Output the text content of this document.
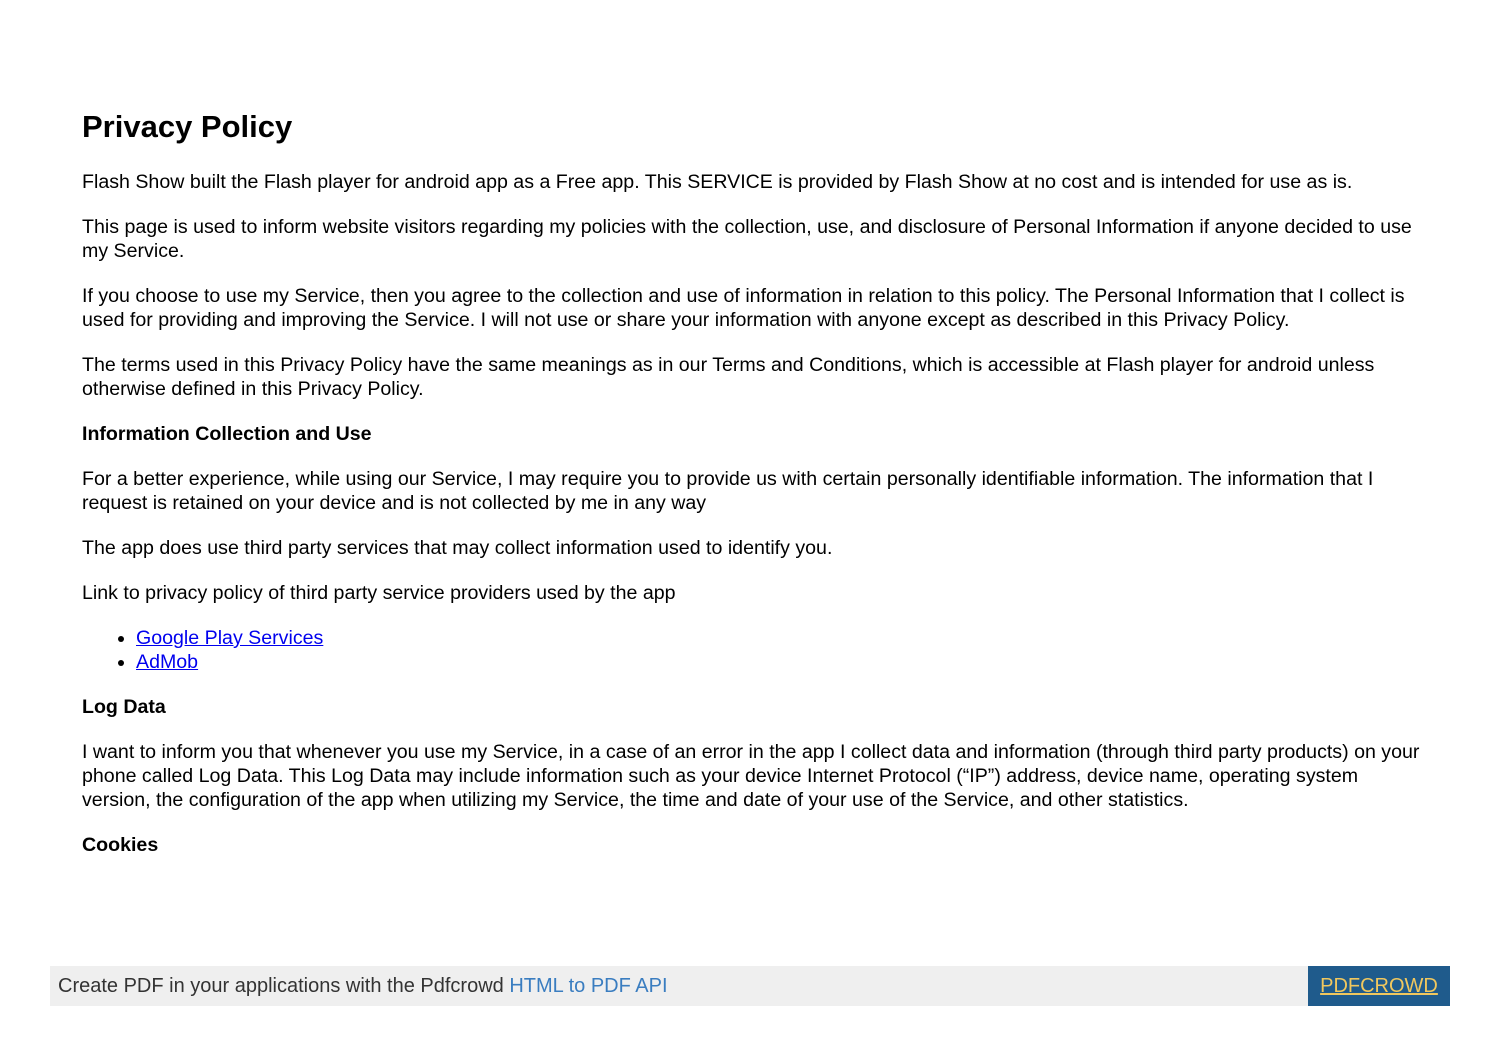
Privacy Policy

Flash Show built the Flash player for android app as a Free app. This SERVICE is provided by Flash Show at no cost and is intended for use as is.

This page is used to inform website visitors regarding my policies with the collection, use, and disclosure of Personal Information if anyone decided to use my Service.

If you choose to use my Service, then you agree to the collection and use of information in relation to this policy. The Personal Information that I collect is used for providing and improving the Service. I will not use or share your information with anyone except as described in this Privacy Policy.

The terms used in this Privacy Policy have the same meanings as in our Terms and Conditions, which is accessible at Flash player for android unless otherwise defined in this Privacy Policy.

Information Collection and Use

For a better experience, while using our Service, I may require you to provide us with certain personally identifiable information. The information that I request is retained on your device and is not collected by me in any way

The app does use third party services that may collect information used to identify you.

Link to privacy policy of third party service providers used by the app

• Google Play Services
• AdMob
Log Data

I want to inform you that whenever you use my Service, in a case of an error in the app I collect data and information (through third party products) on your phone called Log Data. This Log Data may include information such as your device Internet Protocol (“IP”) address, device name, operating system version, the configuration of the app when utilizing my Service, the time and date of your use of the Service, and other statistics.

Cookies
Create PDF in your applications with the Pdfcrowd HTML to PDF API	PDFCROWD
